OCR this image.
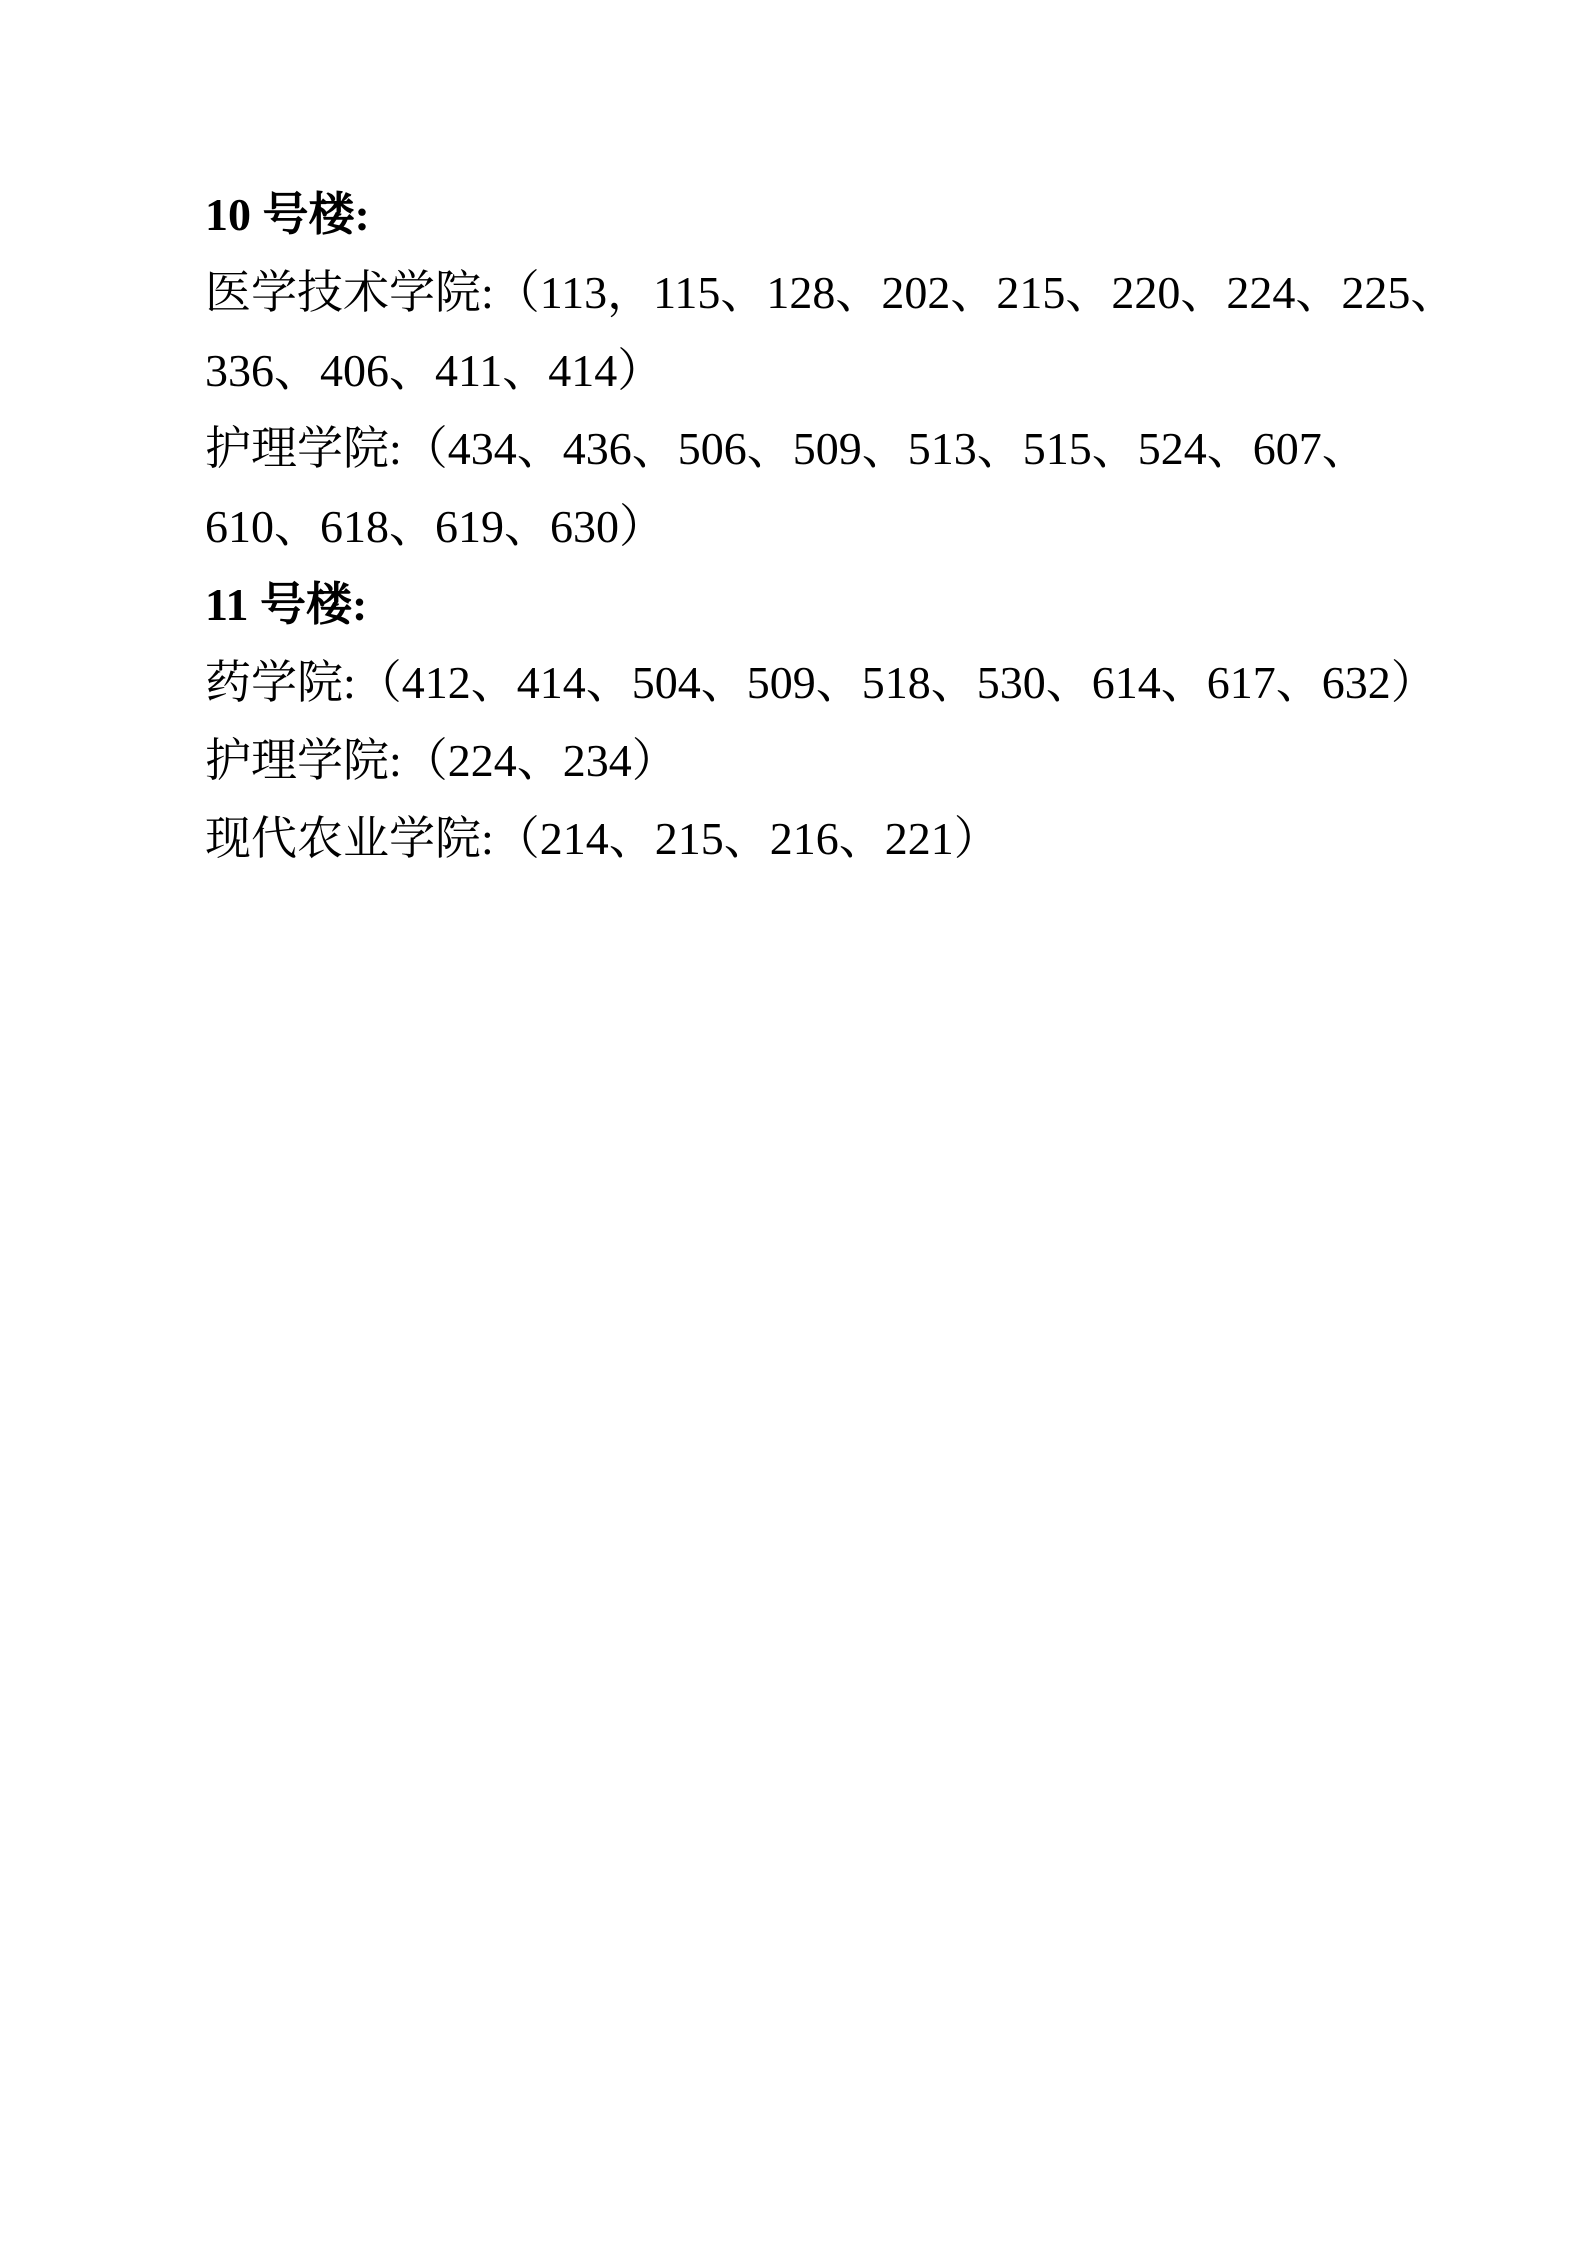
10 号楼:
医学技术学院:（113，115、128、202、215、220、224、225、
336、406、411、414）
护理学院:（434、436、506、509、513、515、524、607、
610、618、619、630）
11 号楼:
药学院:（412、414、504、509、518、530、614、617、632）
护理学院:（224、234）
现代农业学院:（214、215、216、221）
